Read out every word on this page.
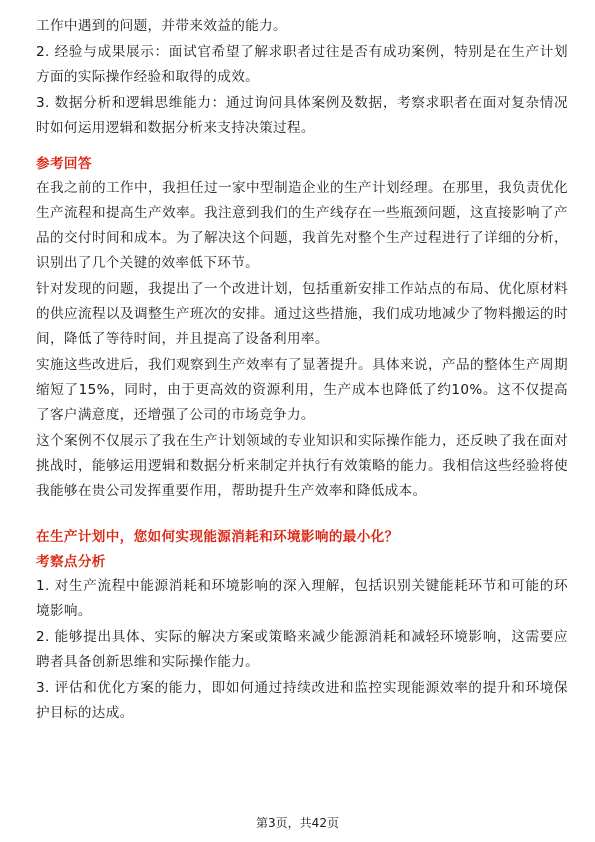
工作中遇到的问题，并带来效益的能力。

2. 经验与成果展示：面试官希望了解求职者过往是否有成功案例，特别是在生产计划方面的实际操作经验和取得的成效。

3. 数据分析和逻辑思维能力：通过询问具体案例及数据，考察求职者在面对复杂情况时如何运用逻辑和数据分析来支持决策过程。

参考回答

在我之前的工作中，我担任过一家中型制造企业的生产计划经理。在那里，我负责优化生产流程和提高生产效率。我注意到我们的生产线存在一些瓶颈问题，这直接影响了产品的交付时间和成本。为了解决这个问题，我首先对整个生产过程进行了详细的分析，识别出了几个关键的效率低下环节。

针对发现的问题，我提出了一个改进计划，包括重新安排工作站点的布局、优化原材料的供应流程以及调整生产班次的安排。通过这些措施，我们成功地减少了物料搬运的时间，降低了等待时间，并且提高了设备利用率。

实施这些改进后，我们观察到生产效率有了显著提升。具体来说，产品的整体生产周期缩短了15%，同时，由于更高效的资源利用，生产成本也降低了约10%。这不仅提高了客户满意度，还增强了公司的市场竞争力。

这个案例不仅展示了我在生产计划领域的专业知识和实际操作能力，还反映了我在面对挑战时，能够运用逻辑和数据分析来制定并执行有效策略的能力。我相信这些经验将使我能够在贵公司发挥重要作用，帮助提升生产效率和降低成本。

在生产计划中，您如何实现能源消耗和环境影响的最小化？

考察点分析

1. 对生产流程中能源消耗和环境影响的深入理解，包括识别关键能耗环节和可能的环境影响。

2. 能够提出具体、实际的解决方案或策略来减少能源消耗和减轻环境影响，这需要应聘者具备创新思维和实际操作能力。

3. 评估和优化方案的能力，即如何通过持续改进和监控实现能源效率的提升和环境保护目标的达成。

第3页，共42页
